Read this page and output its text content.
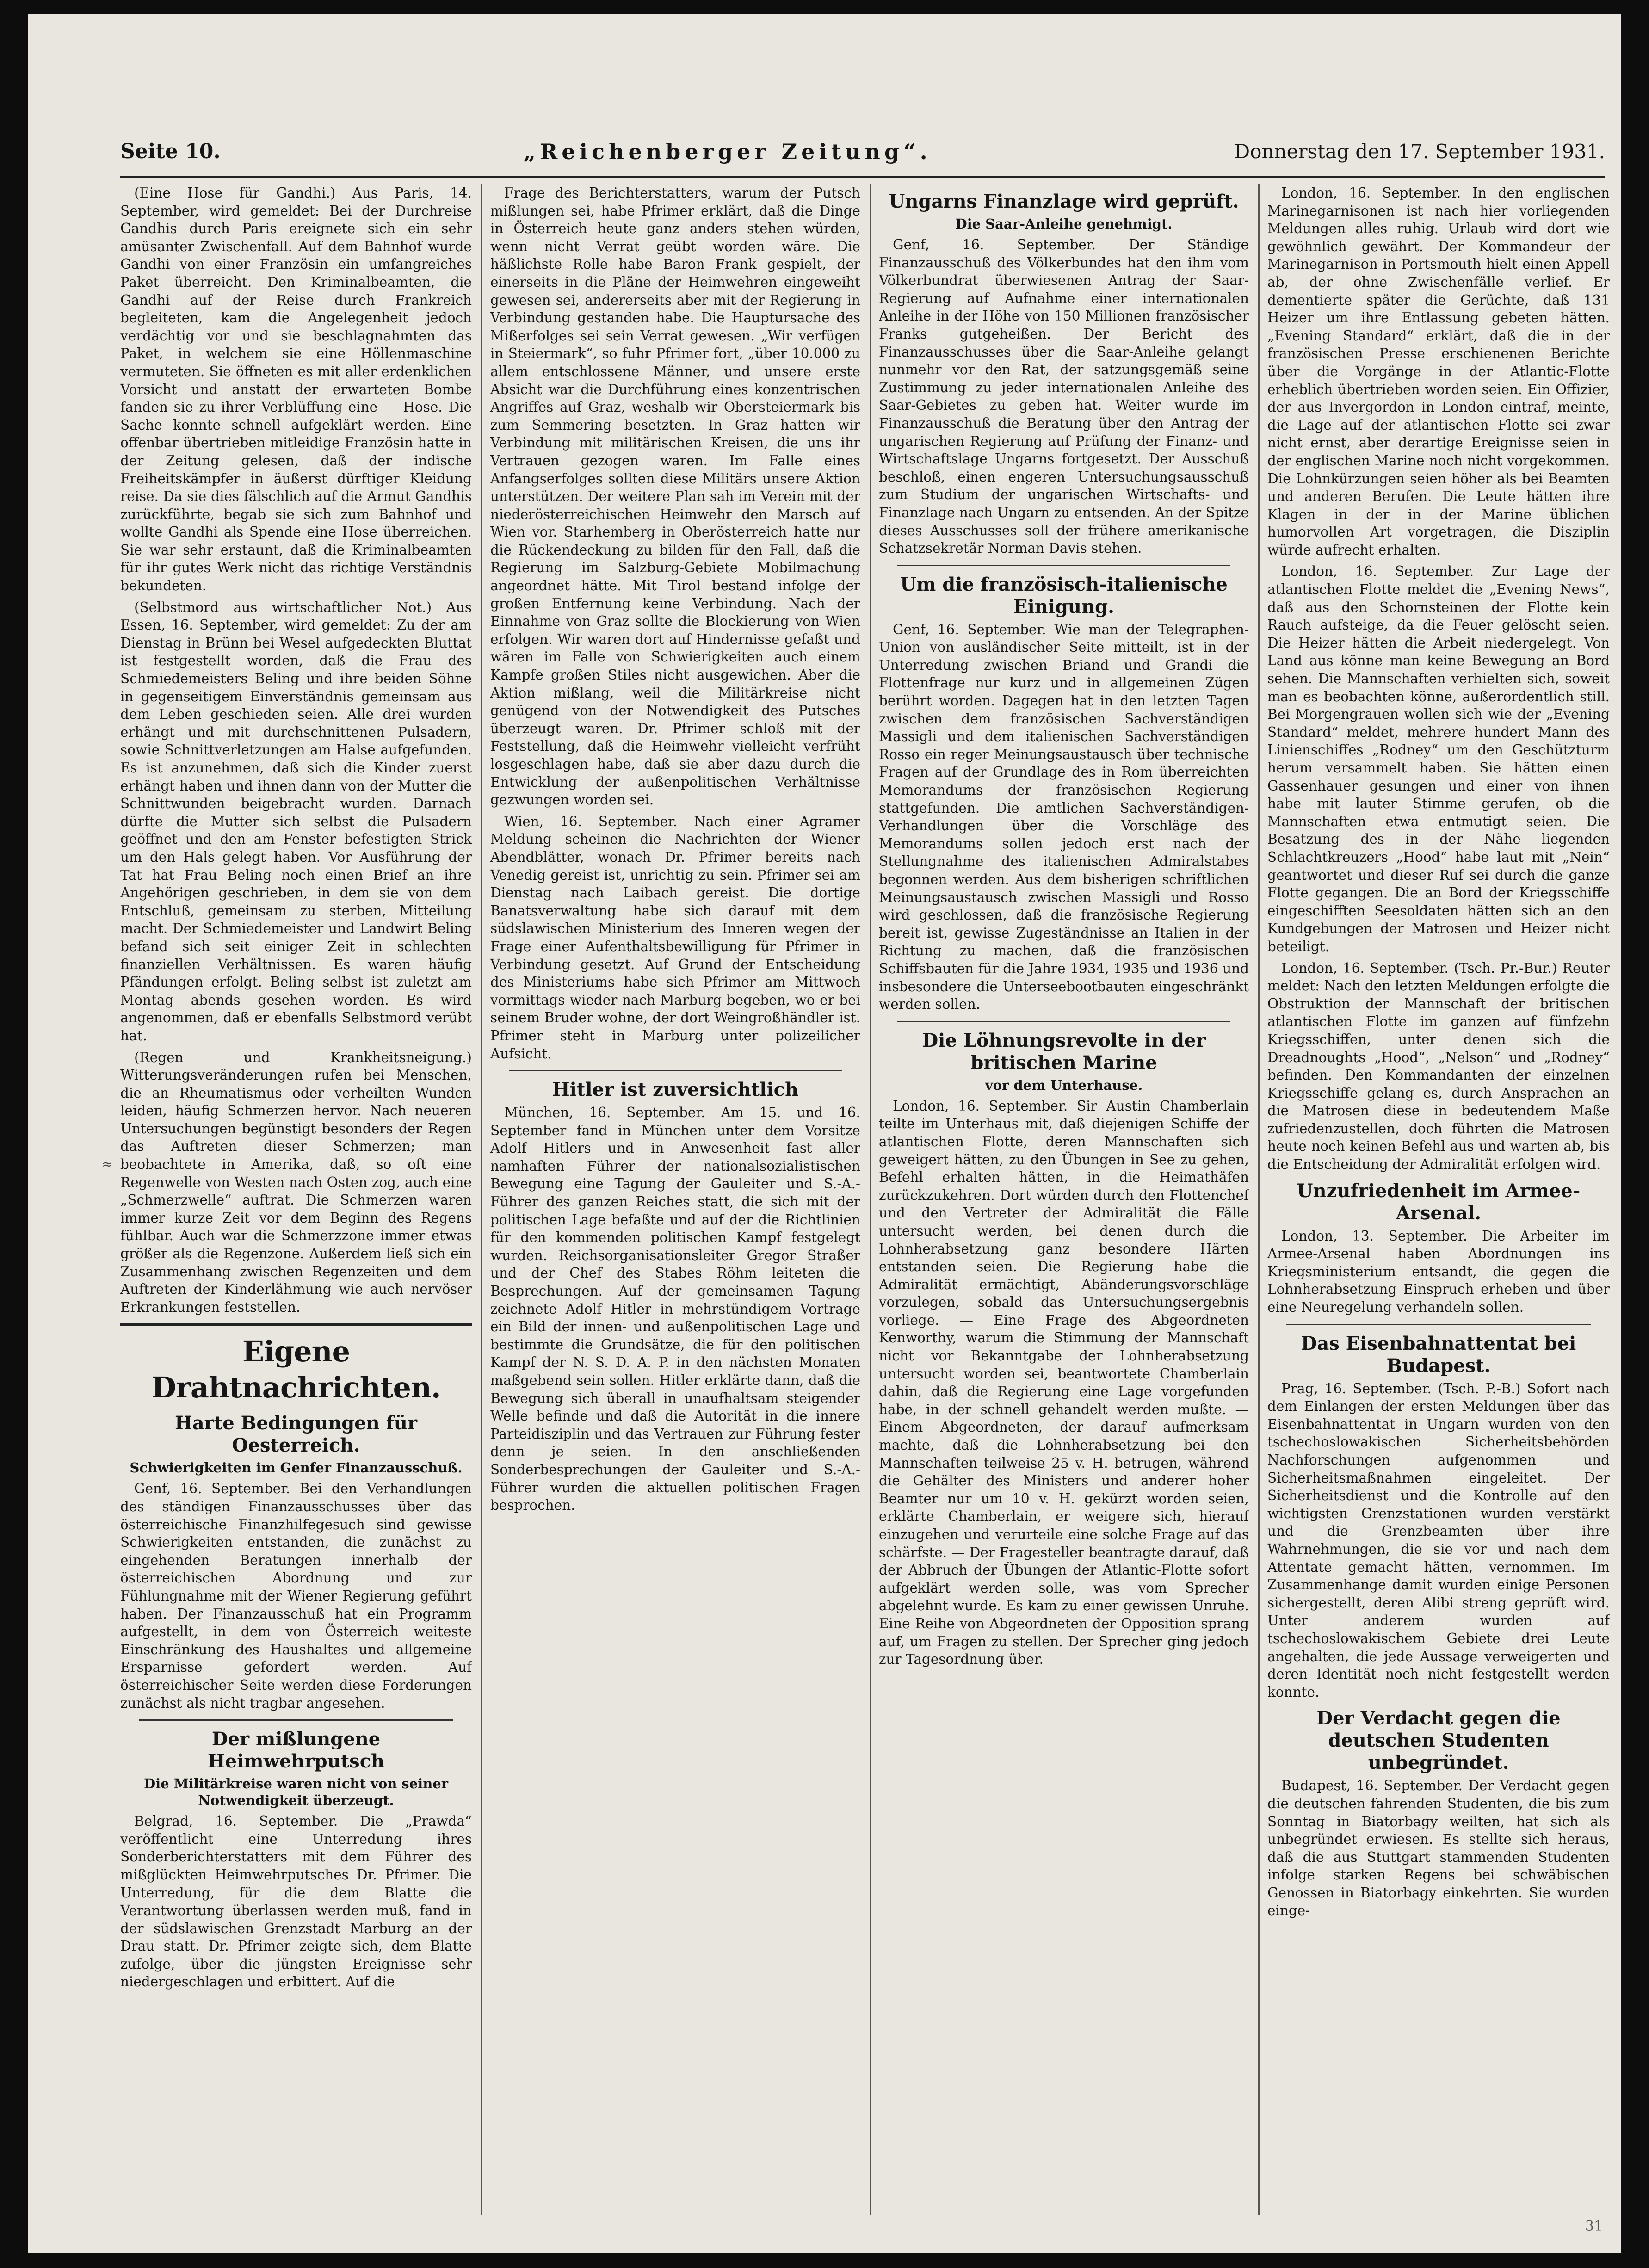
Seite 10.	„Reichenberger Zeitung“.	Donnerstag den 17. September 1931.

(Eine Hose für Gandhi.) Aus Paris, 14. September, wird gemeldet: Bei der Durchreise Gandhis durch Paris ereignete sich ein sehr amüsanter Zwischenfall. Auf dem Bahnhof wurde Gandhi von einer Französin ein umfangreiches Paket überreicht. Den Kriminalbeamten, die Gandhi auf der Reise durch Frankreich begleiteten, kam die Angelegenheit jedoch verdächtig vor und sie beschlagnahmten das Paket, in welchem sie eine Höllenmaschine vermuteten. Sie öffneten es mit aller erdenklichen Vorsicht und anstatt der erwarteten Bombe fanden sie zu ihrer Verblüffung eine — Hose. Die Sache konnte schnell aufgeklärt werden. Eine offenbar übertrieben mitleidige Französin hatte in der Zeitung gelesen, daß der indische Freiheitskämpfer in äußerst dürftiger Kleidung reise. Da sie dies fälschlich auf die Armut Gandhis zurückführte, begab sie sich zum Bahnhof und wollte Gandhi als Spende eine Hose überreichen. Sie war sehr erstaunt, daß die Kriminalbeamten für ihr gutes Werk nicht das richtige Verständnis bekundeten.

(Selbstmord aus wirtschaftlicher Not.) Aus Essen, 16. September, wird gemeldet: Zu der am Dienstag in Brünn bei Wesel aufgedeckten Bluttat ist festgestellt worden, daß die Frau des Schmiedemeisters Beling und ihre beiden Söhne in gegenseitigem Einverständnis gemeinsam aus dem Leben geschieden seien. Alle drei wurden erhängt und mit durchschnittenen Pulsadern, sowie Schnittverletzungen am Halse aufgefunden. Es ist anzunehmen, daß sich die Kinder zuerst erhängt haben und ihnen dann von der Mutter die Schnittwunden beigebracht wurden. Darnach dürfte die Mutter sich selbst die Pulsadern geöffnet und den am Fenster befestigten Strick um den Hals gelegt haben. Vor Ausführung der Tat hat Frau Beling noch einen Brief an ihre Angehörigen geschrieben, in dem sie von dem Entschluß, gemeinsam zu sterben, Mitteilung macht. Der Schmiedemeister und Landwirt Beling befand sich seit einiger Zeit in schlechten finanziellen Verhältnissen. Es waren häufig Pfändungen erfolgt. Beling selbst ist zuletzt am Montag abends gesehen worden. Es wird angenommen, daß er ebenfalls Selbstmord verübt hat.

(Regen und Krankheitsneigung.) Witterungsveränderungen rufen bei Menschen, die an Rheumatismus oder verheilten Wunden leiden, häufig Schmerzen hervor. Nach neueren Untersuchungen begünstigt besonders der Regen das Auftreten dieser Schmerzen; man beobachtete in Amerika, daß, so oft eine Regenwelle von Westen nach Osten zog, auch eine „Schmerzwelle“ auftrat. Die Schmerzen waren immer kurze Zeit vor dem Beginn des Regens fühlbar. Auch war die Schmerzzone immer etwas größer als die Regenzone. Außerdem ließ sich ein Zusammenhang zwischen Regenzeiten und dem Auftreten der Kinderlähmung wie auch nervöser Erkrankungen feststellen.

Eigene Drahtnachrichten.
Harte Bedingungen für Oesterreich.
Schwierigkeiten im Genfer Finanzausschuß.

Genf, 16. September. Bei den Verhandlungen des ständigen Finanzausschusses über das österreichische Finanzhilfegesuch sind gewisse Schwierigkeiten entstanden, die zunächst zu eingehenden Beratungen innerhalb der österreichischen Abordnung und zur Fühlungnahme mit der Wiener Regierung geführt haben. Der Finanzausschuß hat ein Programm aufgestellt, in dem von Österreich weiteste Einschränkung des Haushaltes und allgemeine Ersparnisse gefordert werden. Auf österreichischer Seite werden diese Forderungen zunächst als nicht tragbar angesehen.

Der mißlungene Heimwehrputsch
Die Militärkreise waren nicht von seiner Notwendigkeit überzeugt.

Belgrad, 16. September. Die „Prawda“ veröffentlicht eine Unterredung ihres Sonderberichterstatters mit dem Führer des mißglückten Heimwehrputsches Dr. Pfrimer. Die Unterredung, für die dem Blatte die Verantwortung überlassen werden muß, fand in der südslawischen Grenzstadt Marburg an der Drau statt. Dr. Pfrimer zeigte sich, dem Blatte zufolge, über die jüngsten Ereignisse sehr niedergeschlagen und erbittert. Auf die

Frage des Berichterstatters, warum der Putsch mißlungen sei, habe Pfrimer erklärt, daß die Dinge in Österreich heute ganz anders stehen würden, wenn nicht Verrat geübt worden wäre. Die häßlichste Rolle habe Baron Frank gespielt, der einerseits in die Pläne der Heimwehren eingeweiht gewesen sei, andererseits aber mit der Regierung in Verbindung gestanden habe. Die Hauptursache des Mißerfolges sei sein Verrat gewesen. „Wir verfügen in Steiermark“, so fuhr Pfrimer fort, „über 10.000 zu allem entschlossene Männer, und unsere erste Absicht war die Durchführung eines konzentrischen Angriffes auf Graz, weshalb wir Obersteiermark bis zum Semmering besetzten. In Graz hatten wir Verbindung mit militärischen Kreisen, die uns ihr Vertrauen gezogen waren. Im Falle eines Anfangserfolges sollten diese Militärs unsere Aktion unterstützen. Der weitere Plan sah im Verein mit der niederösterreichischen Heimwehr den Marsch auf Wien vor. Starhemberg in Oberösterreich hatte nur die Rückendeckung zu bilden für den Fall, daß die Regierung im Salzburg-Gebiete Mobilmachung angeordnet hätte. Mit Tirol bestand infolge der großen Entfernung keine Verbindung. Nach der Einnahme von Graz sollte die Blockierung von Wien erfolgen. Wir waren dort auf Hindernisse gefaßt und wären im Falle von Schwierigkeiten auch einem Kampfe großen Stiles nicht ausgewichen. Aber die Aktion mißlang, weil die Militärkreise nicht genügend von der Notwendigkeit des Putsches überzeugt waren. Dr. Pfrimer schloß mit der Feststellung, daß die Heimwehr vielleicht verfrüht losgeschlagen habe, daß sie aber dazu durch die Entwicklung der außenpolitischen Verhältnisse gezwungen worden sei.

Wien, 16. September. Nach einer Agramer Meldung scheinen die Nachrichten der Wiener Abendblätter, wonach Dr. Pfrimer bereits nach Venedig gereist ist, unrichtig zu sein. Pfrimer sei am Dienstag nach Laibach gereist. Die dortige Banatsverwaltung habe sich darauf mit dem südslawischen Ministerium des Inneren wegen der Frage einer Aufenthaltsbewilligung für Pfrimer in Verbindung gesetzt. Auf Grund der Entscheidung des Ministeriums habe sich Pfrimer am Mittwoch vormittags wieder nach Marburg begeben, wo er bei seinem Bruder wohne, der dort Weingroßhändler ist. Pfrimer steht in Marburg unter polizeilicher Aufsicht.

Hitler ist zuversichtlich

München, 16. September. Am 15. und 16. September fand in München unter dem Vorsitze Adolf Hitlers und in Anwesenheit fast aller namhaften Führer der nationalsozialistischen Bewegung eine Tagung der Gauleiter und S.-A.-Führer des ganzen Reiches statt, die sich mit der politischen Lage befaßte und auf der die Richtlinien für den kommenden politischen Kampf festgelegt wurden. Reichsorganisationsleiter Gregor Straßer und der Chef des Stabes Röhm leiteten die Besprechungen. Auf der gemeinsamen Tagung zeichnete Adolf Hitler in mehrstündigem Vortrage ein Bild der innen- und außenpolitischen Lage und bestimmte die Grundsätze, die für den politischen Kampf der N. S. D. A. P. in den nächsten Monaten maßgebend sein sollen. Hitler erklärte dann, daß die Bewegung sich überall in unaufhaltsam steigender Welle befinde und daß die Autorität in die innere Parteidisziplin und das Vertrauen zur Führung fester denn je seien. In den anschließenden Sonderbesprechungen der Gauleiter und S.-A.-Führer wurden die aktuellen politischen Fragen besprochen.

Ungarns Finanzlage wird geprüft.
Die Saar-Anleihe genehmigt.

Genf, 16. September. Der Ständige Finanzausschuß des Völkerbundes hat den ihm vom Völkerbundrat überwiesenen Antrag der Saar-Regierung auf Aufnahme einer internationalen Anleihe in der Höhe von 150 Millionen französischer Franks gutgeheißen. Der Bericht des Finanzausschusses über die Saar-Anleihe gelangt nunmehr vor den Rat, der satzungsgemäß seine Zustimmung zu jeder internationalen Anleihe des Saar-Gebietes zu geben hat. Weiter wurde im Finanzausschuß die Beratung über den Antrag der ungarischen Regierung auf Prüfung der Finanz- und Wirtschaftslage Ungarns fortgesetzt. Der Ausschuß beschloß, einen engeren Untersuchungsausschuß zum Studium der ungarischen Wirtschafts- und Finanzlage nach Ungarn zu entsenden. An der Spitze dieses Ausschusses soll der frühere amerikanische Schatzsekretär Norman Davis stehen.

Um die französisch-italienische Einigung.

Genf, 16. September. Wie man der Telegraphen-Union von ausländischer Seite mitteilt, ist in der Unterredung zwischen Briand und Grandi die Flottenfrage nur kurz und in allgemeinen Zügen berührt worden. Dagegen hat in den letzten Tagen zwischen dem französischen Sachverständigen Massigli und dem italienischen Sachverständigen Rosso ein reger Meinungsaustausch über technische Fragen auf der Grundlage des in Rom überreichten Memorandums der französischen Regierung stattgefunden. Die amtlichen Sachverständigen-Verhandlungen über die Vorschläge des Memorandums sollen jedoch erst nach der Stellungnahme des italienischen Admiralstabes begonnen werden. Aus dem bisherigen schriftlichen Meinungsaustausch zwischen Massigli und Rosso wird geschlossen, daß die französische Regierung bereit ist, gewisse Zugeständnisse an Italien in der Richtung zu machen, daß die französischen Schiffsbauten für die Jahre 1934, 1935 und 1936 und insbesondere die Unterseebootbauten eingeschränkt werden sollen.

Die Löhnungsrevolte in der britischen Marine
vor dem Unterhause.

London, 16. September. Sir Austin Chamberlain teilte im Unterhaus mit, daß diejenigen Schiffe der atlantischen Flotte, deren Mannschaften sich geweigert hätten, zu den Übungen in See zu gehen, Befehl erhalten hätten, in die Heimathäfen zurückzukehren. Dort würden durch den Flottenchef und den Vertreter der Admiralität die Fälle untersucht werden, bei denen durch die Lohnherabsetzung ganz besondere Härten entstanden seien. Die Regierung habe die Admiralität ermächtigt, Abänderungsvorschläge vorzulegen, sobald das Untersuchungsergebnis vorliege. — Eine Frage des Abgeordneten Kenworthy, warum die Stimmung der Mannschaft nicht vor Bekanntgabe der Lohnherabsetzung untersucht worden sei, beantwortete Chamberlain dahin, daß die Regierung eine Lage vorgefunden habe, in der schnell gehandelt werden mußte. — Einem Abgeordneten, der darauf aufmerksam machte, daß die Lohnherabsetzung bei den Mannschaften teilweise 25 v. H. betrugen, während die Gehälter des Ministers und anderer hoher Beamter nur um 10 v. H. gekürzt worden seien, erklärte Chamberlain, er weigere sich, hierauf einzugehen und verurteile eine solche Frage auf das schärfste. — Der Fragesteller beantragte darauf, daß der Abbruch der Übungen der Atlantic-Flotte sofort aufgeklärt werden solle, was vom Sprecher abgelehnt wurde. Es kam zu einer gewissen Unruhe. Eine Reihe von Abgeordneten der Opposition sprang auf, um Fragen zu stellen. Der Sprecher ging jedoch zur Tagesordnung über.

London, 16. September. In den englischen Marinegarnisonen ist nach hier vorliegenden Meldungen alles ruhig. Urlaub wird dort wie gewöhnlich gewährt. Der Kommandeur der Marinegarnison in Portsmouth hielt einen Appell ab, der ohne Zwischenfälle verlief. Er dementierte später die Gerüchte, daß 131 Heizer um ihre Entlassung gebeten hätten. „Evening Standard“ erklärt, daß die in der französischen Presse erschienenen Berichte über die Vorgänge in der Atlantic-Flotte erheblich übertrieben worden seien. Ein Offizier, der aus Invergordon in London eintraf, meinte, die Lage auf der atlantischen Flotte sei zwar nicht ernst, aber derartige Ereignisse seien in der englischen Marine noch nicht vorgekommen. Die Lohnkürzungen seien höher als bei Beamten und anderen Berufen. Die Leute hätten ihre Klagen in der in der Marine üblichen humorvollen Art vorgetragen, die Disziplin würde aufrecht erhalten.

London, 16. September. Zur Lage der atlantischen Flotte meldet die „Evening News“, daß aus den Schornsteinen der Flotte kein Rauch aufsteige, da die Feuer gelöscht seien. Die Heizer hätten die Arbeit niedergelegt. Von Land aus könne man keine Bewegung an Bord sehen. Die Mannschaften verhielten sich, soweit man es beobachten könne, außerordentlich still. Bei Morgengrauen wollen sich wie der „Evening Standard“ meldet, mehrere hundert Mann des Linienschiffes „Rodney“ um den Geschützturm herum versammelt haben. Sie hätten einen Gassenhauer gesungen und einer von ihnen habe mit lauter Stimme gerufen, ob die Mannschaften etwa entmutigt seien. Die Besatzung des in der Nähe liegenden Schlachtkreuzers „Hood“ habe laut mit „Nein“ geantwortet und dieser Ruf sei durch die ganze Flotte gegangen. Die an Bord der Kriegsschiffe eingeschifften Seesoldaten hätten sich an den Kundgebungen der Matrosen und Heizer nicht beteiligt.

London, 16. September. (Tsch. Pr.-Bur.) Reuter meldet: Nach den letzten Meldungen erfolgte die Obstruktion der Mannschaft der britischen atlantischen Flotte im ganzen auf fünfzehn Kriegsschiffen, unter denen sich die Dreadnoughts „Hood“, „Nelson“ und „Rodney“ befinden. Den Kommandanten der einzelnen Kriegsschiffe gelang es, durch Ansprachen an die Matrosen diese in bedeutendem Maße zufriedenzustellen, doch führten die Matrosen heute noch keinen Befehl aus und warten ab, bis die Entscheidung der Admiralität erfolgen wird.

Unzufriedenheit im Armee-Arsenal.

London, 13. September. Die Arbeiter im Armee-Arsenal haben Abordnungen ins Kriegsministerium entsandt, die gegen die Lohnherabsetzung Einspruch erheben und über eine Neuregelung verhandeln sollen.

Das Eisenbahnattentat bei Budapest.

Prag, 16. September. (Tsch. P.-B.) Sofort nach dem Einlangen der ersten Meldungen über das Eisenbahnattentat in Ungarn wurden von den tschechoslowakischen Sicherheitsbehörden Nachforschungen aufgenommen und Sicherheitsmaßnahmen eingeleitet. Der Sicherheitsdienst und die Kontrolle auf den wichtigsten Grenzstationen wurden verstärkt und die Grenzbeamten über ihre Wahrnehmungen, die sie vor und nach dem Attentate gemacht hätten, vernommen. Im Zusammenhange damit wurden einige Personen sichergestellt, deren Alibi streng geprüft wird. Unter anderem wurden auf tschechoslowakischem Gebiete drei Leute angehalten, die jede Aussage verweigerten und deren Identität noch nicht festgestellt werden konnte.

Der Verdacht gegen die deutschen Studenten unbegründet.

Budapest, 16. September. Der Verdacht gegen die deutschen fahrenden Studenten, die bis zum Sonntag in Biatorbagy weilten, hat sich als unbegründet erwiesen. Es stellte sich heraus, daß die aus Stuttgart stammenden Studenten infolge starken Regens bei schwäbischen Genossen in Biatorbagy einkehrten. Sie wurden einge-

≈
31
